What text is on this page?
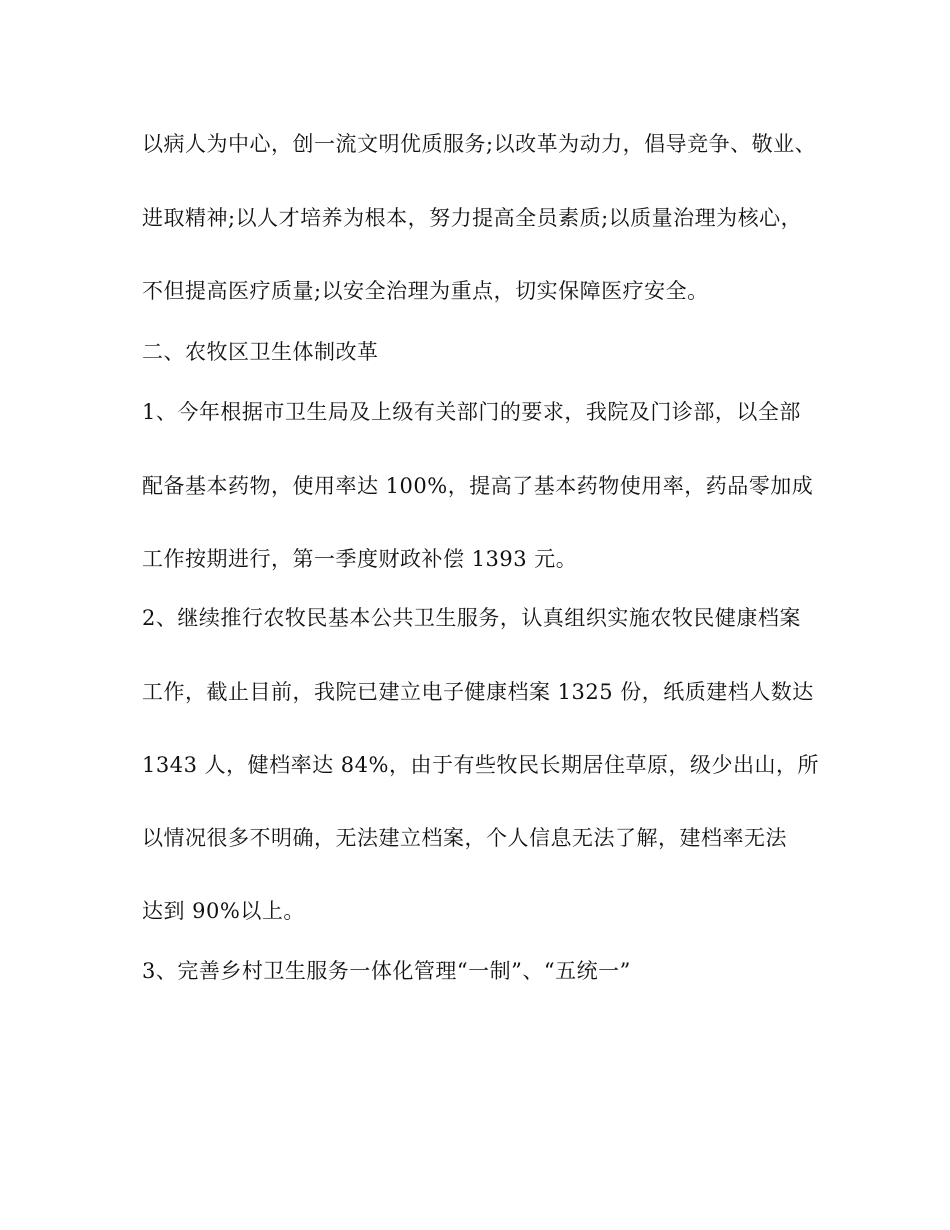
以病人为中心，创一流文明优质服务;以改革为动力，倡导竞争、敬业、
进取精神;以人才培养为根本，努力提高全员素质;以质量治理为核心，
不但提高医疗质量;以安全治理为重点，切实保障医疗安全。
二、农牧区卫生体制改革
1、今年根据市卫生局及上级有关部门的要求，我院及门诊部，以全部
配备基本药物，使用率达 100%，提高了基本药物使用率，药品零加成
工作按期进行，第一季度财政补偿 1393 元。
2、继续推行农牧民基本公共卫生服务，认真组织实施农牧民健康档案
工作，截止目前，我院已建立电子健康档案 1325 份，纸质建档人数达
1343 人，健档率达 84%，由于有些牧民长期居住草原，级少出山，所
以情况很多不明确，无法建立档案，个人信息无法了解，建档率无法
达到 90%以上。
3、完善乡村卫生服务一体化管理“一制”、“五统一”
